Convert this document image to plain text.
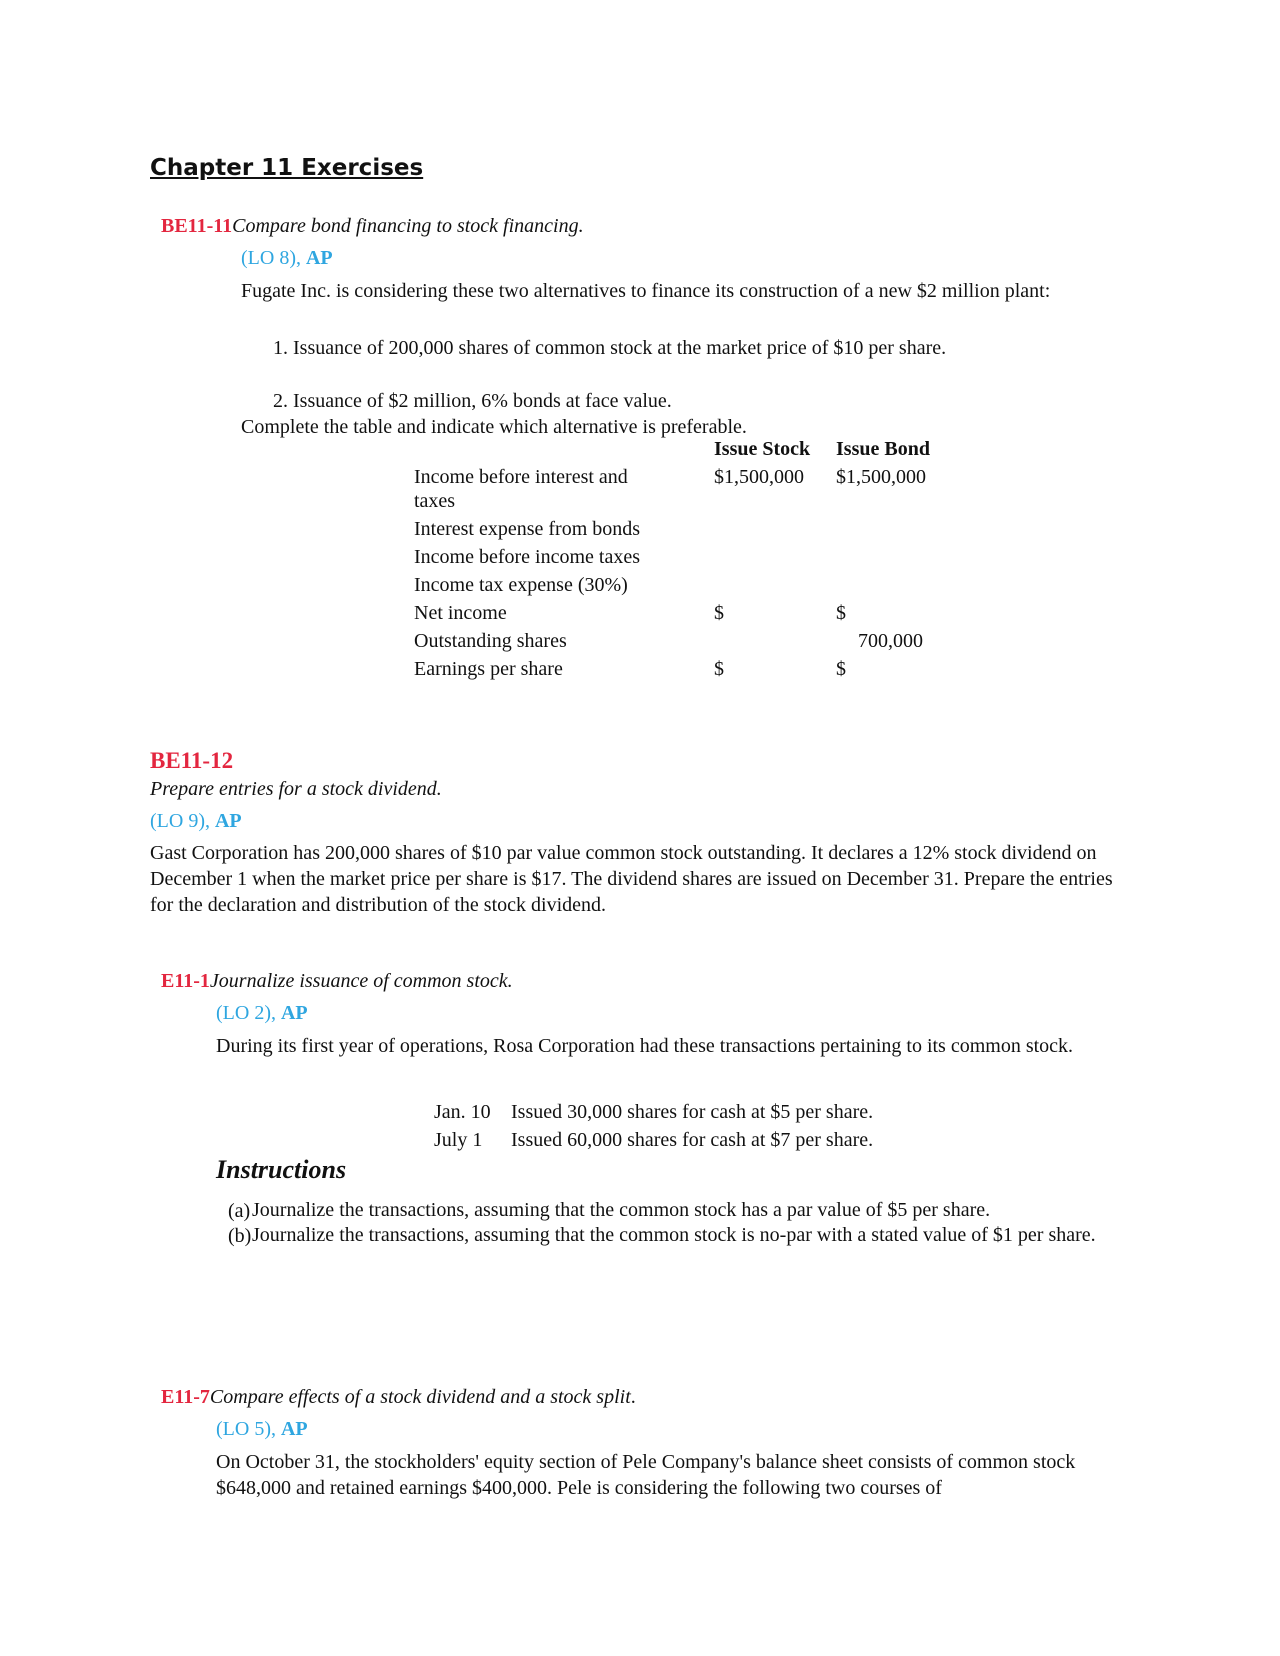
Chapter 11 Exercises
BE11-11Compare bond financing to stock financing.
(LO 8), AP
Fugate Inc. is considering these two alternatives to finance its construction of a new $2 million plant:
1. Issuance of 200,000 shares of common stock at the market price of $10 per share.
2. Issuance of $2 million, 6% bonds at face value.
Complete the table and indicate which alternative is preferable.
	Issue Stock	Issue Bond
Income before interest and taxes	$1,500,000	$1,500,000
Interest expense from bonds		
Income before income taxes		
Income tax expense (30%)		
Net income	$	$
Outstanding shares		700,000
Earnings per share	$	$
BE11-12
Prepare entries for a stock dividend.
(LO 9), AP
Gast Corporation has 200,000 shares of $10 par value common stock outstanding. It declares a 12% stock dividend on December 1 when the market price per share is $17. The dividend shares are issued on December 31. Prepare the entries for the declaration and distribution of the stock dividend.
E11-1Journalize issuance of common stock.
(LO 2), AP
During its first year of operations, Rosa Corporation had these transactions pertaining to its common stock.
Jan. 10 Issued 30,000 shares for cash at $5 per share.
July 1 Issued 60,000 shares for cash at $7 per share.
Instructions
(a) Journalize the transactions, assuming that the common stock has a par value of $5 per share.
(b) Journalize the transactions, assuming that the common stock is no-par with a stated value of $1 per share.
E11-7Compare effects of a stock dividend and a stock split.
(LO 5), AP
On October 31, the stockholders' equity section of Pele Company's balance sheet consists of common stock $648,000 and retained earnings $400,000. Pele is considering the following two courses of
